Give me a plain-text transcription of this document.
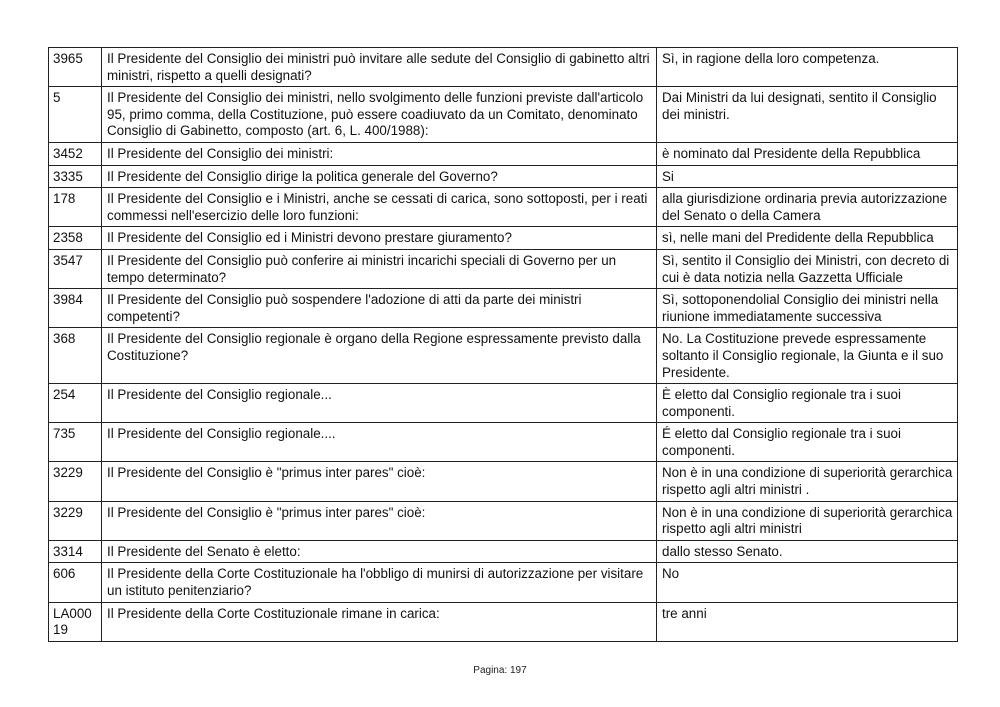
3965	Il Presidente del Consiglio dei ministri può invitare alle sedute del Consiglio di gabinetto altri ministri, rispetto a quelli designati?	Sì, in ragione della loro competenza.
5	Il Presidente del Consiglio dei ministri, nello svolgimento delle funzioni previste dall'articolo 95, primo comma, della Costituzione, può essere coadiuvato da un Comitato, denominato Consiglio di Gabinetto, composto (art. 6, L. 400/1988):	Dai Ministri da lui designati, sentito il Consiglio dei ministri.
3452	Il Presidente del Consiglio dei ministri:	è nominato dal Presidente della Repubblica
3335	Il Presidente del Consiglio dirige la politica generale del Governo?	Si
178	Il Presidente del Consiglio e i Ministri, anche se cessati di carica, sono sottoposti, per i reati commessi nell'esercizio delle loro funzioni:	alla giurisdizione ordinaria previa autorizzazione del Senato o della Camera
2358	Il Presidente del Consiglio ed i Ministri devono prestare giuramento?	sì, nelle mani del Predidente della Repubblica
3547	Il Presidente del Consiglio può conferire ai ministri incarichi speciali di Governo per un tempo determinato?	Sì, sentito il Consiglio dei Ministri, con decreto di cui è data notizia nella Gazzetta Ufficiale
3984	Il Presidente del Consiglio può sospendere l'adozione di atti da parte dei ministri competenti?	Sì, sottoponendolial Consiglio dei ministri nella riunione immediatamente successiva
368	Il Presidente del Consiglio regionale è organo della Regione espressamente previsto dalla Costituzione?	No. La Costituzione prevede espressamente soltanto il Consiglio regionale, la Giunta e il suo Presidente.
254	Il Presidente del Consiglio regionale...	È eletto dal Consiglio regionale tra i suoi componenti.
735	Il Presidente del Consiglio regionale....	É eletto dal Consiglio regionale tra i suoi componenti.
3229	Il Presidente del Consiglio è "primus inter pares" cioè:	Non è in una condizione di superiorità gerarchica rispetto agli altri ministri .
3229	Il Presidente del Consiglio è "primus inter pares" cioè:	Non è in una condizione di superiorità gerarchica rispetto agli altri ministri
3314	Il Presidente del Senato è eletto:	dallo stesso Senato.
606	Il Presidente della Corte Costituzionale ha l'obbligo di munirsi di autorizzazione per visitare un istituto penitenziario?	No
LA00019	Il Presidente della Corte Costituzionale rimane in carica:	tre anni
Pagina: 197
